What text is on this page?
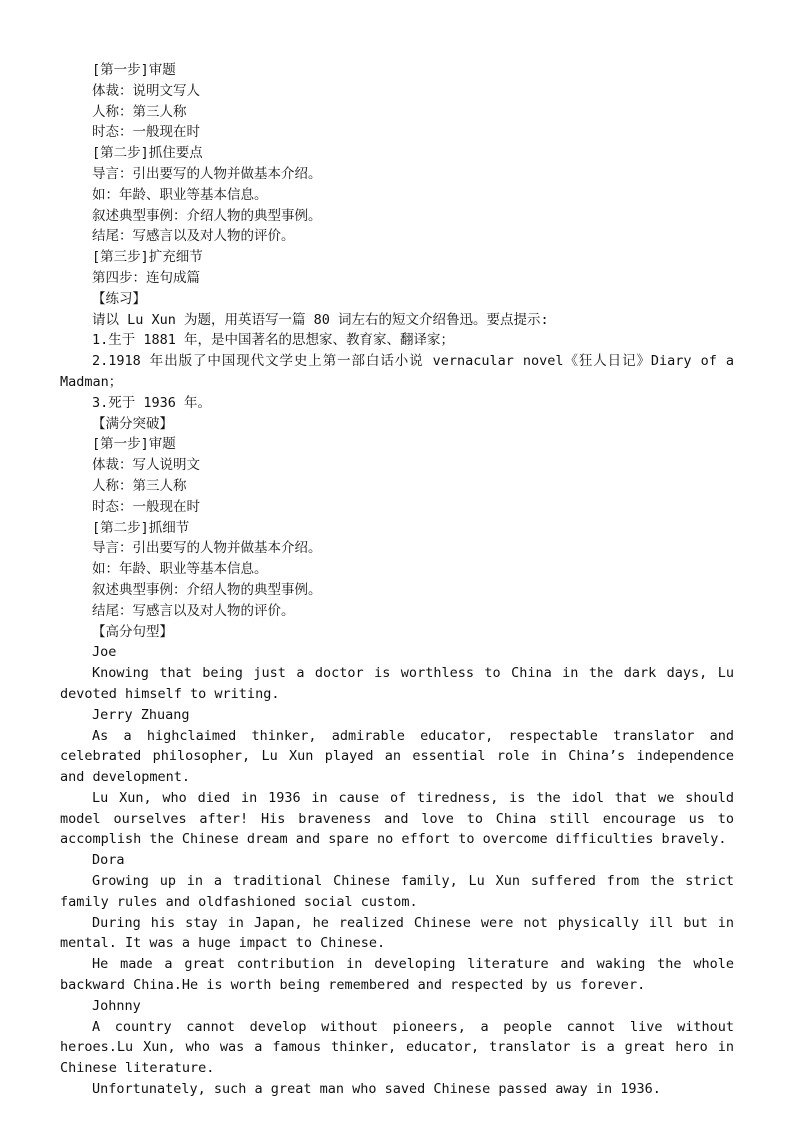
[第一步]审题

体裁：说明文写人

人称：第三人称

时态：一般现在时

[第二步]抓住要点

导言：引出要写的人物并做基本介绍。

如：年龄、职业等基本信息。

叙述典型事例：介绍人物的典型事例。

结尾：写感言以及对人物的评价。

[第三步]扩充细节

第四步：连句成篇

【练习】

请以 Lu Xun 为题，用英语写一篇 80 词左右的短文介绍鲁迅。要点提示:

1.生于 1881 年，是中国著名的思想家、教育家、翻译家；

2.1918 年出版了中国现代文学史上第一部白话小说 vernacular novel《狂人日记》Diary of a Madman；

3.死于 1936 年。

【满分突破】

[第一步]审题

体裁：写人说明文

人称：第三人称

时态：一般现在时

[第二步]抓细节

导言：引出要写的人物并做基本介绍。

如：年龄、职业等基本信息。

叙述典型事例：介绍人物的典型事例。

结尾：写感言以及对人物的评价。

【高分句型】

Joe

Knowing that being just a doctor is worthless to China in the dark days, Lu devoted himself to writing.

Jerry Zhuang

As a highclaimed thinker, admirable educator, respectable translator and celebrated philosopher, Lu Xun played an essential role in China’s independence and development.

Lu Xun, who died in 1936 in cause of tiredness, is the idol that we should model ourselves after! His braveness and love to China still encourage us to accomplish the Chinese dream and spare no effort to overcome difficulties bravely.

Dora

Growing up in a traditional Chinese family, Lu Xun suffered from the strict family rules and oldfashioned social custom.

During his stay in Japan, he realized Chinese were not physically ill but in mental. It was a huge impact to Chinese.

He made a great contribution in developing literature and waking the whole backward China.He is worth being remembered and respected by us forever.

Johnny

A country cannot develop without pioneers, a people cannot live without heroes.Lu Xun, who was a famous thinker, educator, translator is a great hero in Chinese literature.

Unfortunately, such a great man who saved Chinese passed away in 1936.
